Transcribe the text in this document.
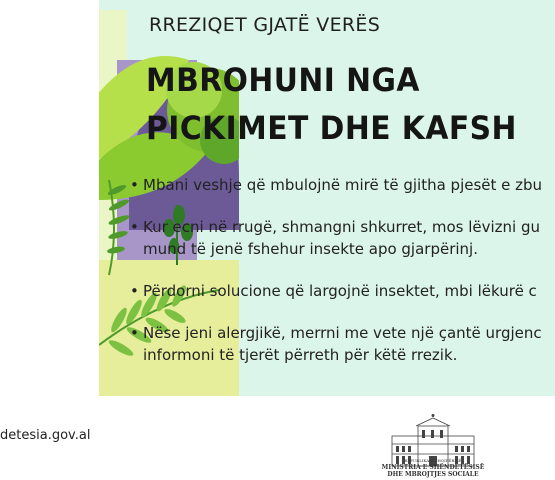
RREZIQET GJATË VERËS
MBROHUNI NGA
PICKIMET DHE KAFSH
• Mbani veshje që mbulojnë mirë të gjitha pjesët e zbu
• Kur ecni në rrugë, shmangni shkurret, mos lëvizni gu
mund të jenë fshehur insekte apo gjarpërinj.
• Përdorni solucione që largojnë insektet, mbi lëkurë c
• Nëse jeni alergjikë, merrni me vete një çantë urgjenc
informoni të tjerët përreth për këtë rrezik.
detesia.gov.al
REPUBLIKA E SHQIPËRISË
MINISTRIA E SHËNDETËSISË
DHE MBROJTJES SOCIALE
